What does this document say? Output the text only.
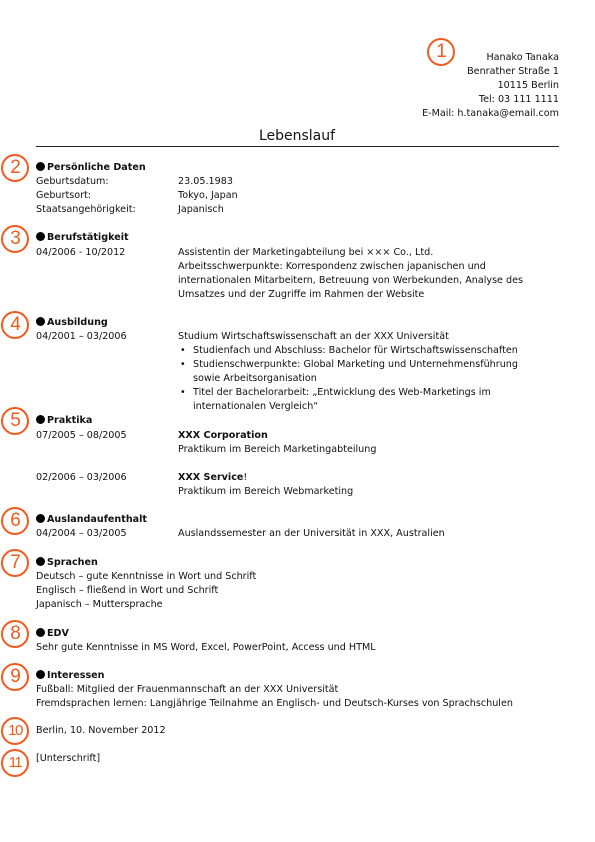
Hanako Tanaka
Benrather Straße 1
10115 Berlin
Tel: 03 111 1111
E-Mail: h.tanaka@email.com
1
2
3
4
5
6
7
8
9
10
11
Lebenslauf
Persönliche Daten
Geburtsdatum:	23.05.1983
Geburtsort:	Tokyo, Japan
Staatsangehörigkeit:	Japanisch
Berufstätigkeit
04/2006 - 10/2012	Assistentin der Marketingabteilung bei ××× Co., Ltd.
Arbeitsschwerpunkte: Korrespondenz zwischen japanischen und
internationalen Mitarbeitern, Betreuung von Werbekunden, Analyse des
Umsatzes und der Zugriffe im Rahmen der Website
Ausbildung
04/2001 – 03/2006	Studium Wirtschaftswissenschaft an der XXX Universität
• Studienfach und Abschluss: Bachelor für Wirtschaftswissenschaften
• Studienschwerpunkte: Global Marketing und Unternehmensführung
sowie Arbeitsorganisation
• Titel der Bachelorarbeit: „Entwicklung des Web-Marketings im
internationalen Vergleich“
Praktika
07/2005 – 08/2005	XXX Corporation
Praktikum im Bereich Marketingabteilung
02/2006 – 03/2006	XXX Service!
Praktikum im Bereich Webmarketing
Auslandaufenthalt
04/2004 – 03/2005	Auslandssemester an der Universität in XXX, Australien
Sprachen
Deutsch – gute Kenntnisse in Wort und Schrift
Englisch – fließend in Wort und Schrift
Japanisch – Muttersprache
EDV
Sehr gute Kenntnisse in MS Word, Excel, PowerPoint, Access und HTML
Interessen
Fußball: Mitglied der Frauenmannschaft an der XXX Universität
Fremdsprachen lernen: Langjährige Teilnahme an Englisch- und Deutsch-Kurses von Sprachschulen
Berlin, 10. November 2012
[Unterschrift]
